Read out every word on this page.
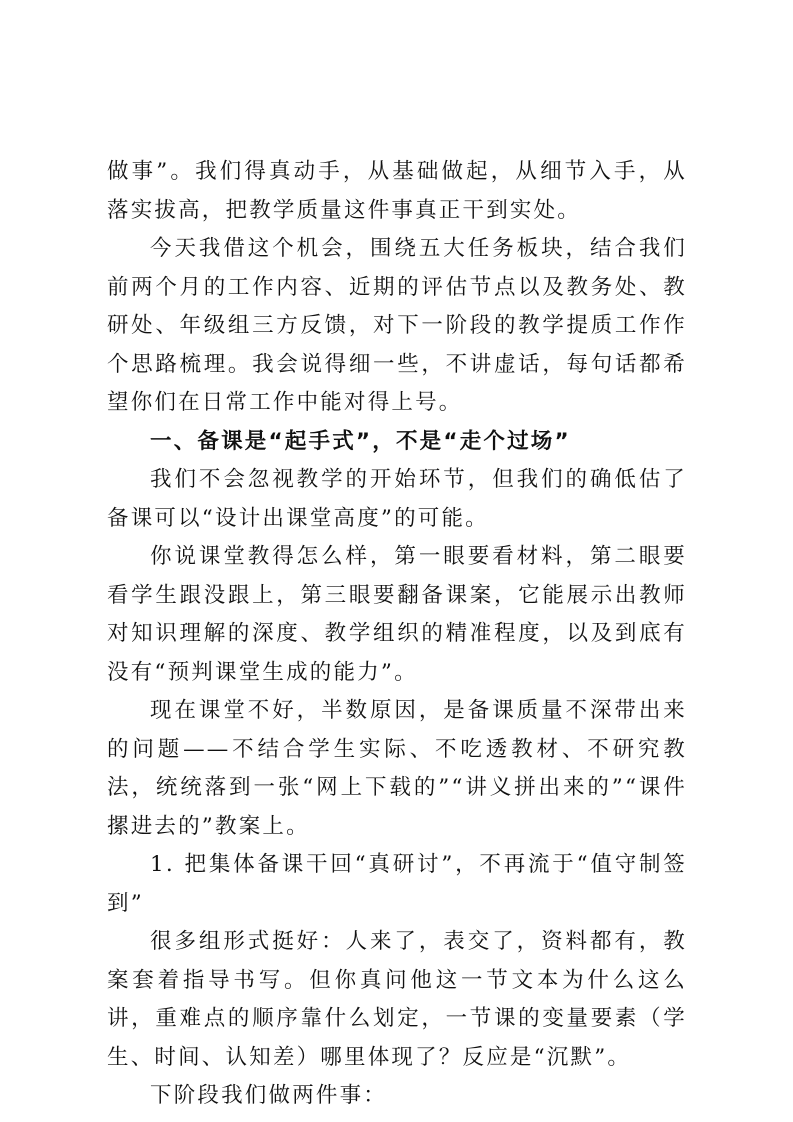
做事”。我们得真动手，从基础做起，从细节入手，从落实拔高，把教学质量这件事真正干到实处。

今天我借这个机会，围绕五大任务板块，结合我们前两个月的工作内容、近期的评估节点以及教务处、教研处、年级组三方反馈，对下一阶段的教学提质工作作个思路梳理。我会说得细一些，不讲虚话，每句话都希望你们在日常工作中能对得上号。

一、备课是“起手式”，不是“走个过场”

我们不会忽视教学的开始环节，但我们的确低估了备课可以“设计出课堂高度”的可能。

你说课堂教得怎么样，第一眼要看材料，第二眼要看学生跟没跟上，第三眼要翻备课案，它能展示出教师对知识理解的深度、教学组织的精准程度，以及到底有没有“预判课堂生成的能力”。

现在课堂不好，半数原因，是备课质量不深带出来的问题——不结合学生实际、不吃透教材、不研究教法，统统落到一张“网上下载的”“讲义拼出来的”“课件摞进去的”教案上。

1. 把集体备课干回“真研讨”，不再流于“值守制签到”

很多组形式挺好：人来了，表交了，资料都有，教案套着指导书写。但你真问他这一节文本为什么这么讲，重难点的顺序靠什么划定，一节课的变量要素（学生、时间、认知差）哪里体现了？反应是“沉默”。

下阶段我们做两件事：
